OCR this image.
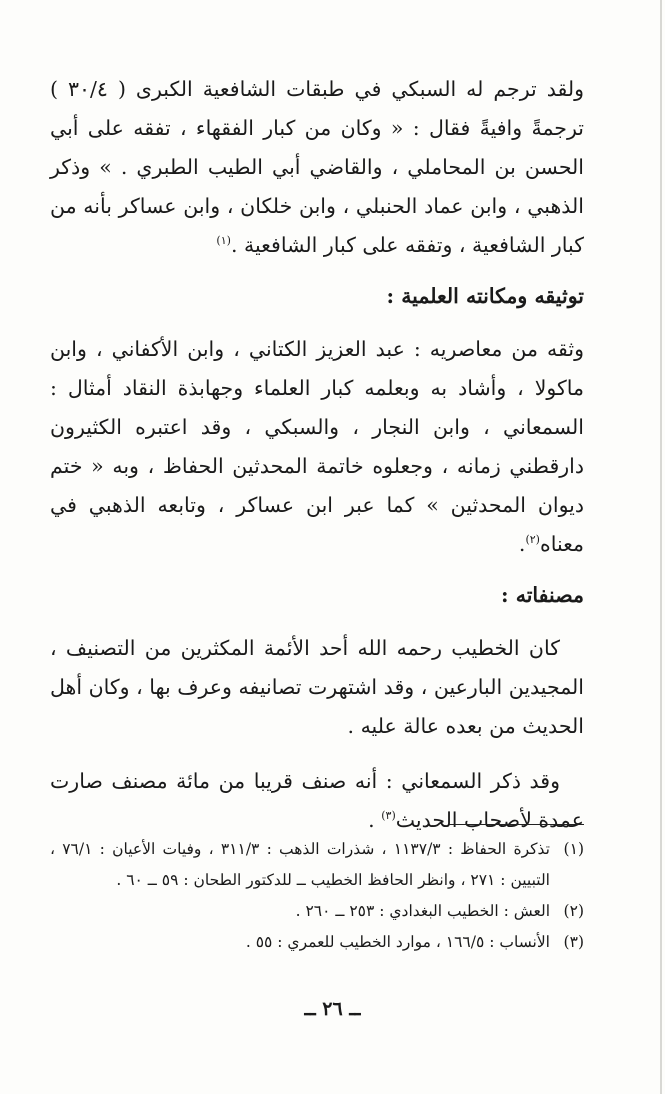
ولقد ترجم له السبكي في طبقات الشافعية الكبرى ( ٣٠/٤ ) ترجمةً وافيةً فقال : « وكان من كبار الفقهاء ، تفقه على أبي الحسن بن المحاملي ، والقاضي أبي الطيب الطبري . » وذكر الذهبي ، وابن عماد الحنبلي ، وابن خلكان ، وابن عساكر بأنه من كبار الشافعية ، وتفقه على كبار الشافعية .$^{(١)}$

توثيقه ومكانته العلمية :

وثقه من معاصريه : عبد العزيز الكتاني ، وابن الأكفاني ، وابن ماكولا ، وأشاد به وبعلمه كبار العلماء وجهابذة النقاد أمثال : السمعاني ، وابن النجار ، والسبكي ، وقد اعتبره الكثيرون دارقطني زمانه ، وجعلوه خاتمة المحدثين الحفاظ ، وبه « ختم ديوان المحدثين » كما عبر ابن عساكر ، وتابعه الذهبي في معناه$^{(٢)}$.

مصنفاته :

كان الخطيب رحمه الله أحد الأئمة المكثرين من التصنيف ، المجيدين البارعين ، وقد اشتهرت تصانيفه وعرف بها ، وكان أهل الحديث من بعده عالة عليه .

وقد ذكر السمعاني : أنه صنف قريبا من مائة مصنف صارت عمدة لأصحاب الحديث$^{(٣)}$ .

(١)
تذكرة الحفاظ : ١١٣٧/٣ ، شذرات الذهب : ٣١١/٣ ، وفيات الأعيان : ٧٦/١ ، التبيين : ٢٧١ ، وانظر الحافظ الخطيب ــ للدكتور الطحان : ٥٩ ــ ٦٠ .
(٢)
العش : الخطيب البغدادي : ٢٥٣ ــ ٢٦٠ .
(٣)
الأنساب : ١٦٦/٥ ، موارد الخطيب للعمري : ٥٥ .
ــ ٢٦ ــ
